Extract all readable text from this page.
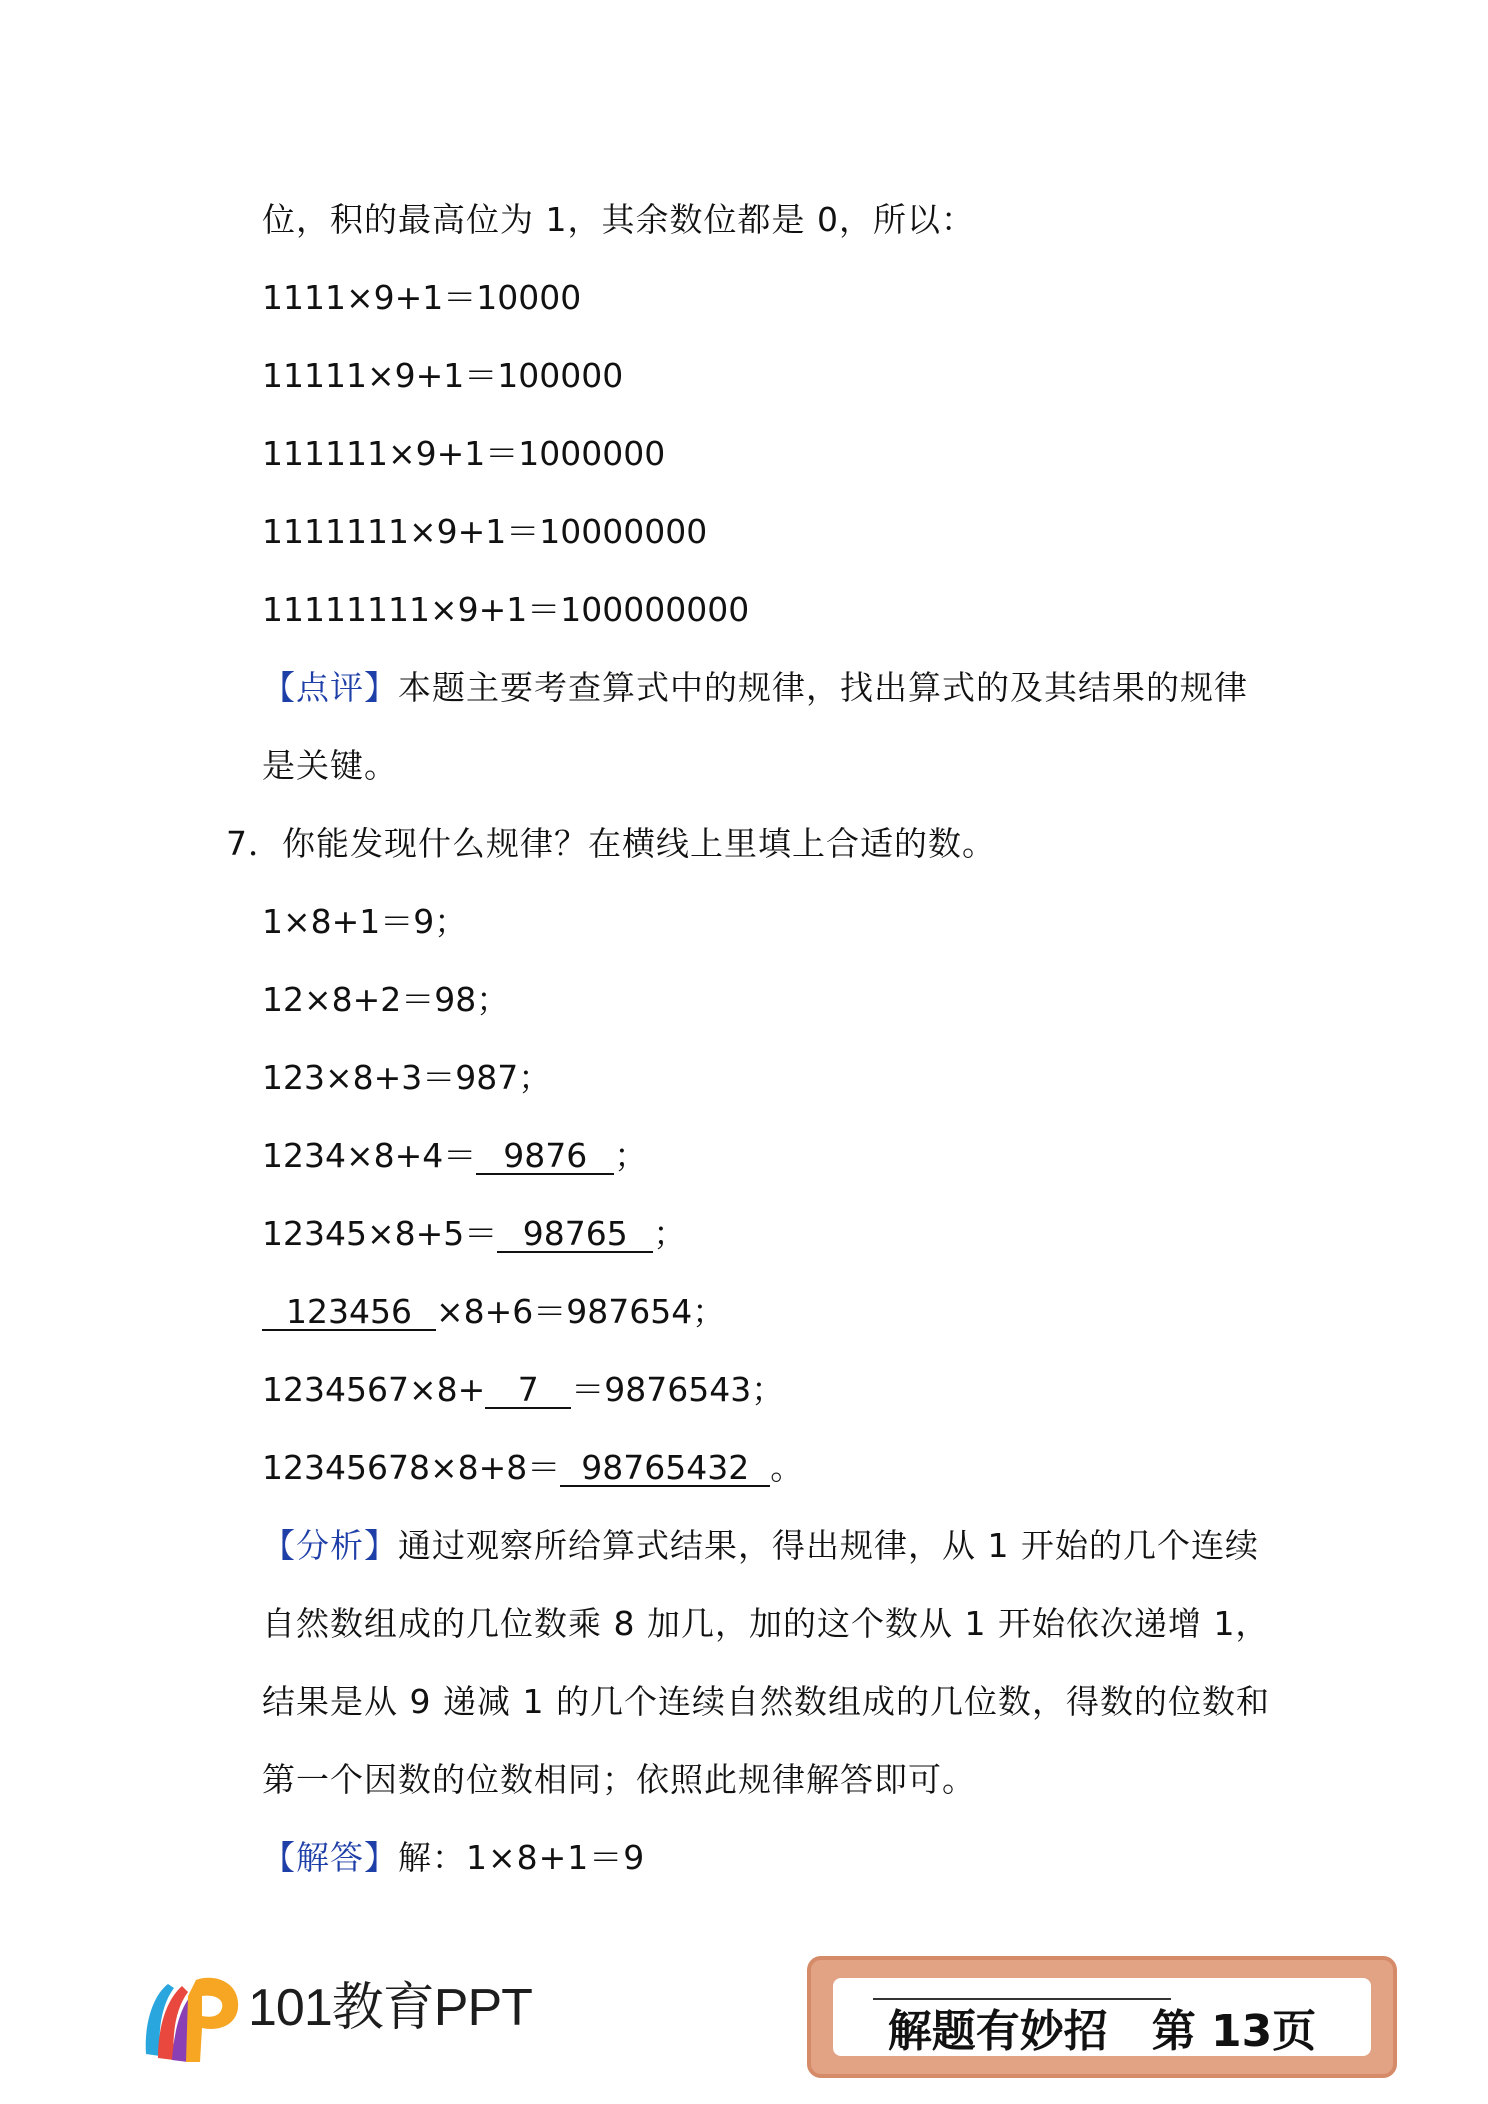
位，积的最高位为 1，其余数位都是 0，所以：
1111×9+1＝10000
11111×9+1＝100000
111111×9+1＝1000000
1111111×9+1＝10000000
11111111×9+1＝100000000
【点评】本题主要考查算式中的规律，找出算式的及其结果的规律
是关键。
7．你能发现什么规律？在横线上里填上合适的数。
1×8+1＝9；
12×8+2＝98；
123×8+3＝987；
1234×8+4＝ 9876 ；
12345×8+5＝ 98765 ；
123456 ×8+6＝987654；
1234567×8+ 7 ＝9876543；
12345678×8+8＝ 98765432 。
【分析】通过观察所给算式结果，得出规律，从 1 开始的几个连续
自然数组成的几位数乘 8 加几，加的这个数从 1 开始依次递增 1，
结果是从 9 递减 1 的几个连续自然数组成的几位数，得数的位数和
第一个因数的位数相同；依照此规律解答即可。
【解答】解：1×8+1＝9
101教育PPT	解题有妙招 第 13页
